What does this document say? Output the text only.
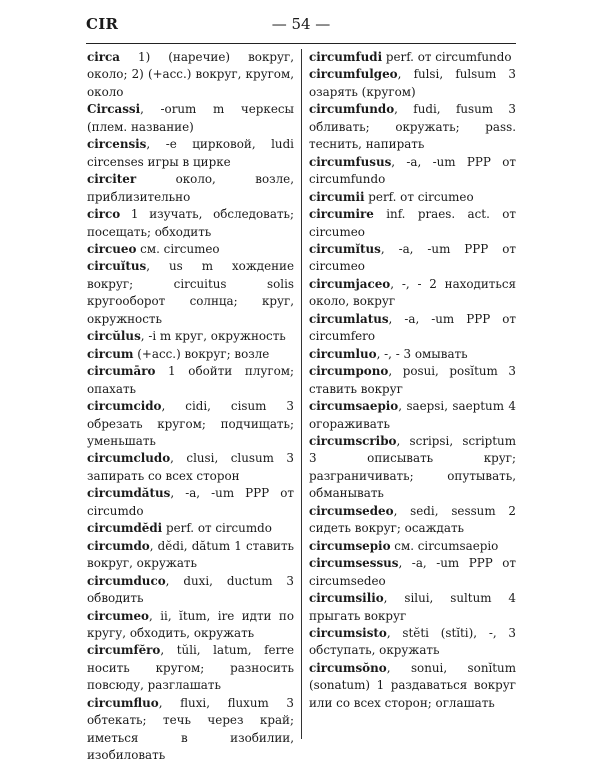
CIR	— 54 —

circa 1) (наречие) вокруг, около; 2) (+acc.) вокруг, кругом, около

Circassi, -orum m черкесы (плем. название)

circensis, -e цирковой, ludi circenses игры в цирке

circiter около, возле, приблизительно

circo 1 изучать, обследовать; посещать; обходить

circueo см. circumeo

circuĭtus, us m хождение вокруг; circuitus solis кругооборот солнца; круг, окружность

circŭlus, -i m круг, окружность

circum (+acc.) вокруг; возле

circumāro 1 обойти плугом; опахать

circumcido, cidi, cisum 3 обрезать кругом; подчищать; уменьшать

circumcludo, clusi, clusum 3 запирать со всех сторон

circumdătus, -a, -um PPP от circumdo

circumdĕdi perf. от circumdo

circumdo, dĕdi, dătum 1 ставить вокруг, окружать

circumduco, duxi, ductum 3 обводить

circumeo, ii, ĭtum, ire идти по кругу, обходить, окружать

circumfĕro, tŭli, latum, ferre носить кругом; разносить повсюду, разглашать

circumfluo, fluxi, fluxum 3 обтекать; течь через край; иметься в изобилии, изобиловать

circumfudi perf. от circumfundo

circumfulgeo, fulsi, fulsum 3 озарять (кругом)

circumfundo, fudi, fusum 3 обливать; окружать; pass. теснить, напирать

circumfusus, -a, -um PPP от circumfundo

circumii perf. от circumeo

circumire inf. praes. act. от circumeo

circumĭtus, -a, -um PPP от circumeo

circumjaceo, -, - 2 находиться около, вокруг

circumlatus, -a, -um PPP от circumfero

circumluo, -, - 3 омывать

circumpono, posui, posĭtum 3 ставить вокруг

circumsaepio, saepsi, saeptum 4 огораживать

circumscribo, scripsi, scriptum 3 описывать круг; разграничивать; опутывать, обманывать

circumsedeo, sedi, sessum 2 сидеть вокруг; осаждать

circumsepio см. circumsaepio

circumsessus, -a, -um PPP от circumsedeo

circumsilio, silui, sultum 4 прыгать вокруг

circumsisto, stĕti (stĭti), -, 3 обступать, окружать

circumsŏno, sonui, sonĭtum (sonatum) 1 раздаваться вокруг или со всех сторон; оглашать
